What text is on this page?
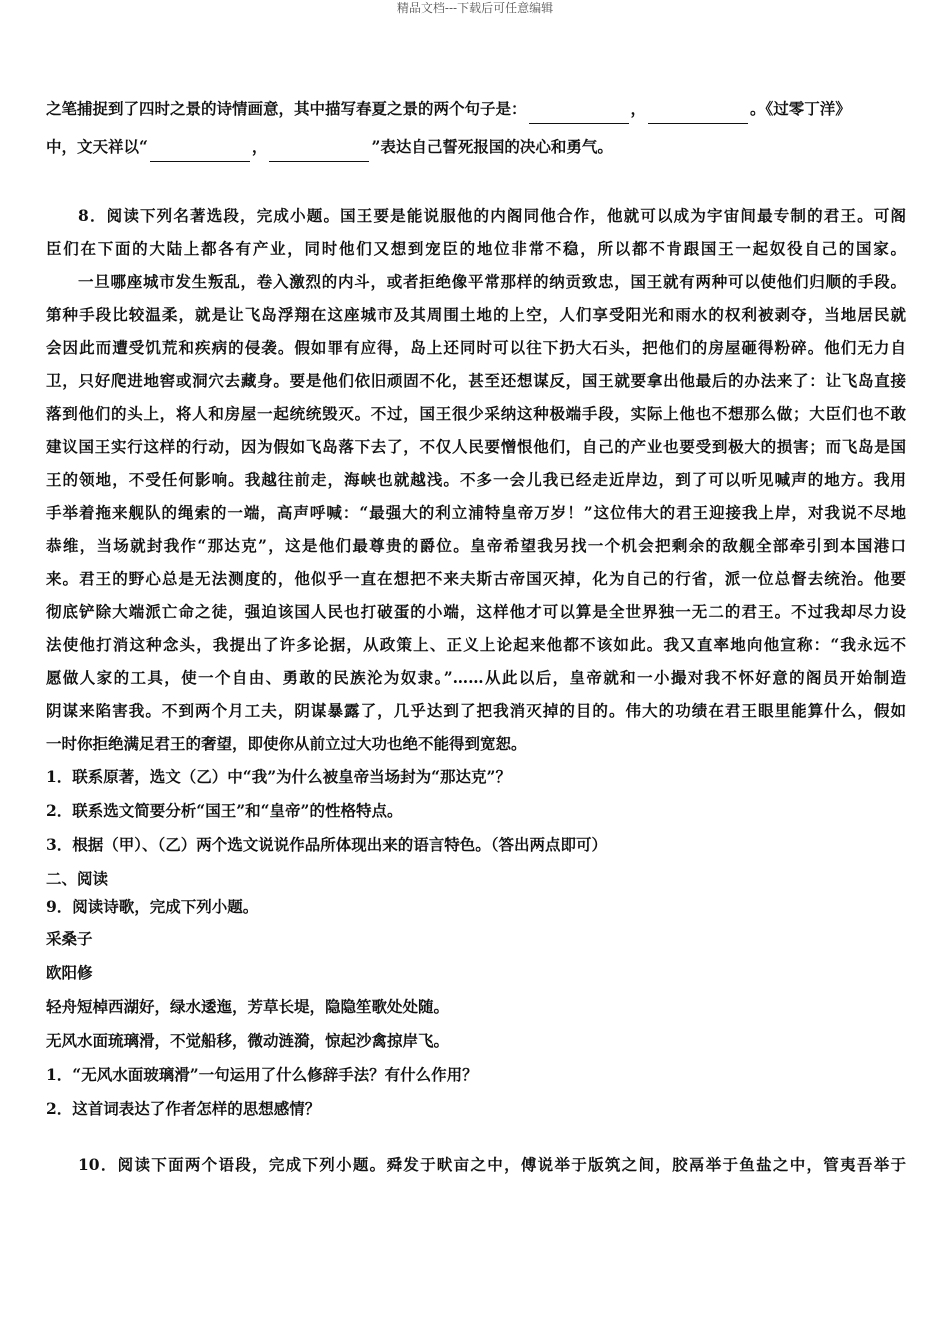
精品文档---下载后可任意编辑

之笔捕捉到了四时之景的诗情画意，其中描写春夏之景的两个句子是：	，	。《过零丁洋》

中，文天祥以“	，	”表达自己誓死报国的决心和勇气。

8．阅读下列名著选段，完成小题。国王要是能说服他的内阁同他合作，他就可以成为宇宙间最专制的君王。可阁

臣们在下面的大陆上都各有产业，同时他们又想到宠臣的地位非常不稳，所以都不肯跟国王一起奴役自己的国家。

一旦哪座城市发生叛乱，卷入激烈的内斗，或者拒绝像平常那样的纳贡致忠，国王就有两种可以使他们归顺的手段。

第种手段比较温柔，就是让飞岛浮翔在这座城市及其周围土地的上空，人们享受阳光和雨水的权利被剥夺，当地居民就

会因此而遭受饥荒和疾病的侵袭。假如罪有应得，岛上还同时可以往下扔大石头，把他们的房屋砸得粉碎。他们无力自

卫，只好爬进地窖或洞穴去藏身。要是他们依旧顽固不化，甚至还想谋反，国王就要拿出他最后的办法来了：让飞岛直接

落到他们的头上，将人和房屋一起统统毁灭。不过，国王很少采纳这种极端手段，实际上他也不想那么做；大臣们也不敢

建议国王实行这样的行动，因为假如飞岛落下去了，不仅人民要憎恨他们，自己的产业也要受到极大的损害；而飞岛是国

王的领地，不受任何影响。我越往前走，海峡也就越浅。不多一会儿我已经走近岸边，到了可以听见喊声的地方。我用

手举着拖来舰队的绳索的一端，高声呼喊：“最强大的利立浦特皇帝万岁！”这位伟大的君王迎接我上岸，对我说不尽地

恭维，当场就封我作“那达克”，这是他们最尊贵的爵位。皇帝希望我另找一个机会把剩余的敌舰全部牵引到本国港口

来。君王的野心总是无法测度的，他似乎一直在想把不来夫斯古帝国灭掉，化为自己的行省，派一位总督去统治。他要

彻底铲除大端派亡命之徒，强迫该国人民也打破蛋的小端，这样他才可以算是全世界独一无二的君王。不过我却尽力设

法使他打消这种念头，我提出了许多论据，从政策上、正义上论起来他都不该如此。我又直率地向他宣称：“我永远不

愿做人家的工具，使一个自由、勇敢的民族沦为奴隶。”……从此以后，皇帝就和一小撮对我不怀好意的阁员开始制造

阴谋来陷害我。不到两个月工夫，阴谋暴露了，几乎达到了把我消灭掉的目的。伟大的功绩在君王眼里能算什么，假如

一时你拒绝满足君王的奢望，即使你从前立过大功也绝不能得到宽恕。

1．联系原著，选文（乙）中“我”为什么被皇帝当场封为“那达克”？

2．联系选文简要分析“国王”和“皇帝”的性格特点。

3．根据（甲）、（乙）两个选文说说作品所体现出来的语言特色。（答出两点即可）

二、阅读

9．阅读诗歌，完成下列小题。

采桑子

欧阳修

轻舟短棹西湖好，绿水逶迤，芳草长堤，隐隐笙歌处处随。

无风水面琉璃滑，不觉船移，微动涟漪，惊起沙禽掠岸飞。

1．“无风水面玻璃滑”一句运用了什么修辞手法？有什么作用？

2．这首词表达了作者怎样的思想感情？

10．阅读下面两个语段，完成下列小题。舜发于畎亩之中，傅说举于版筑之间，胶鬲举于鱼盐之中，管夷吾举于
